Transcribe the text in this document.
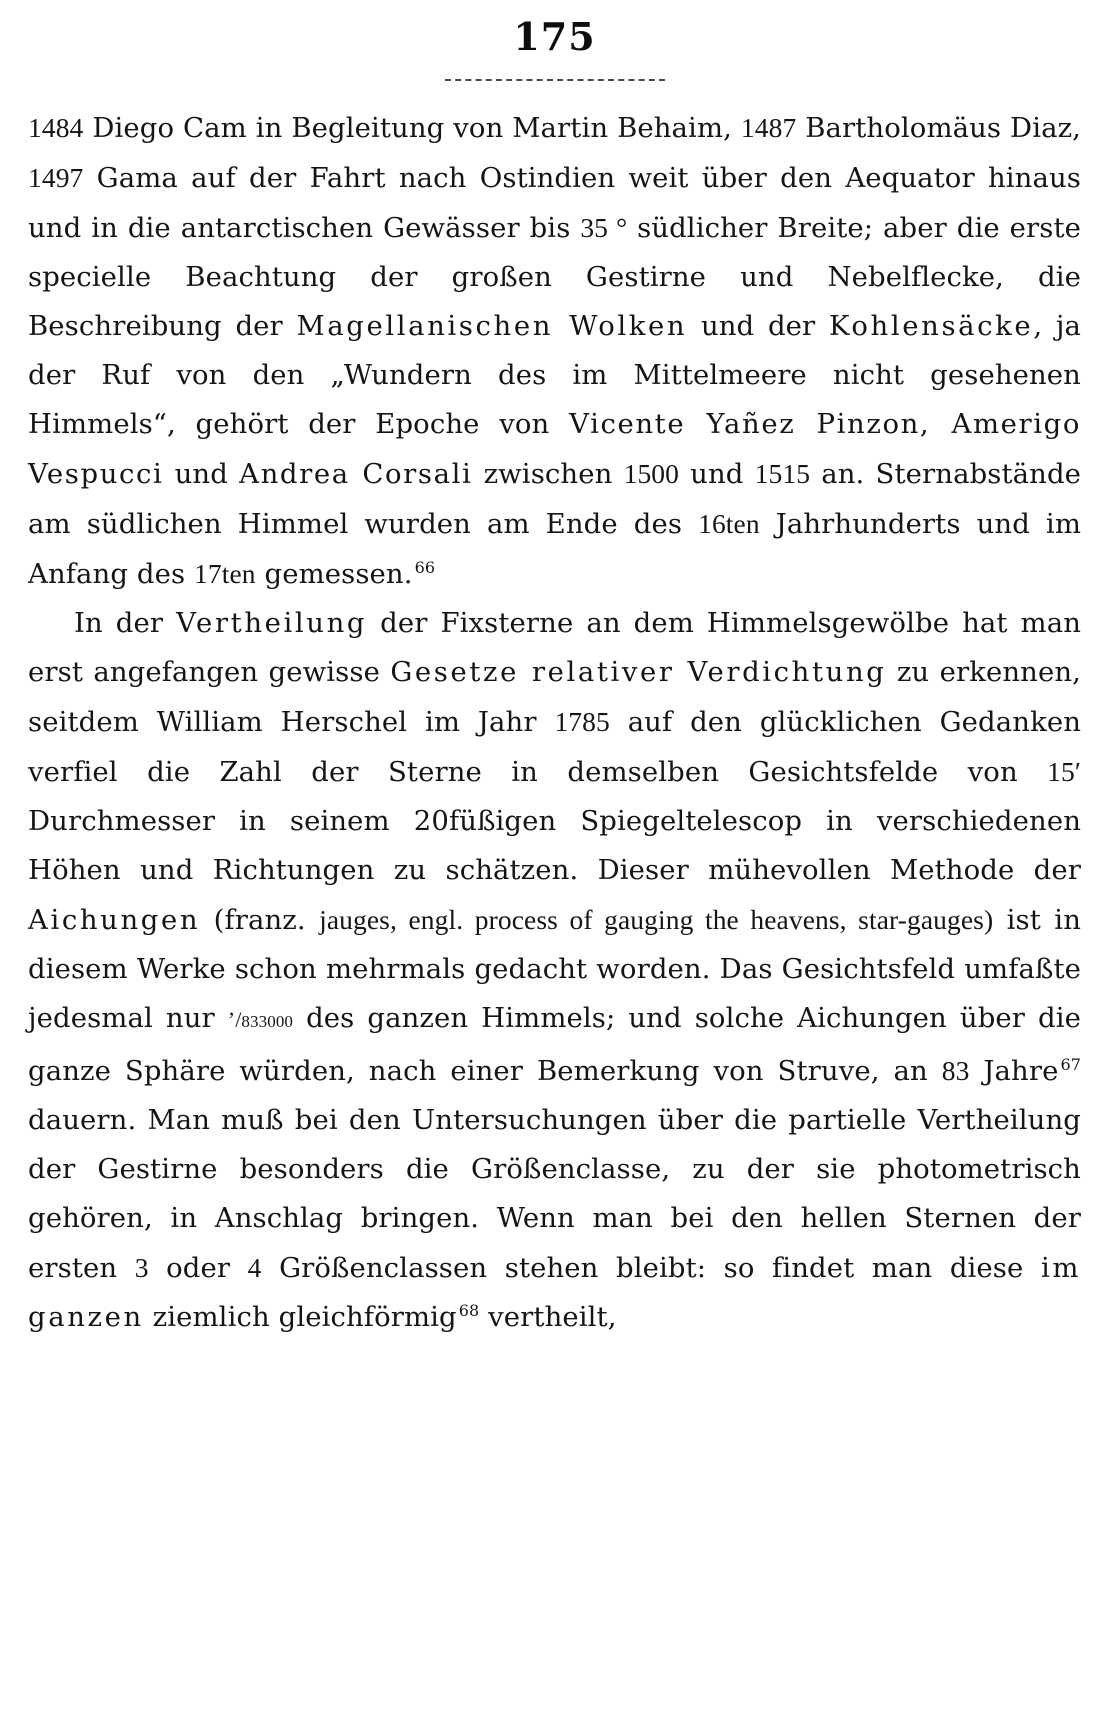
175

1484 Diego Cam in Begleitung von Martin Behaim, 1487 Bartholomäus Diaz, 1497 Gama auf der Fahrt nach Ostindien weit über den Aequator hinaus und in die antarctischen Gewässer bis 35 ° südlicher Breite; aber die erste specielle Beachtung der großen Gestirne und Nebelflecke, die Beschreibung der Magellanischen Wolken und der Kohlensäcke, ja der Ruf von den „Wundern des im Mittelmeere nicht gesehenen Himmels“, gehört der Epoche von Vicente Yañez Pinzon, Amerigo Vespucci und Andrea Corsali zwischen 1500 und 1515 an. Sternabstände am südlichen Himmel wurden am Ende des 16ten Jahrhunderts und im Anfang des 17ten gemessen. $^{66}$

In der Vertheilung der Fixsterne an dem Himmelsgewölbe hat man erst angefangen gewisse Gesetze relativer Verdichtung zu erkennen, seitdem William Herschel im Jahr 1785 auf den glücklichen Gedanken verfiel die Zahl der Sterne in demselben Gesichtsfelde von 15′ Durchmesser in seinem 20füßigen Spiegeltelescop in verschiedenen Höhen und Richtungen zu schätzen. Dieser mühevollen Methode der Aichungen (franz. jauges, engl. process of gauging the heavens, star-gauges) ist in diesem Werke schon mehrmals gedacht worden. Das Gesichtsfeld umfaßte jedesmal nur ’/833000 des ganzen Himmels; und solche Aichungen über die ganze Sphäre würden, nach einer Bemerkung von Struve, an 83 Jahre $^{67}$ dauern. Man muß bei den Untersuchungen über die partielle Vertheilung der Gestirne besonders die Größenclasse, zu der sie photometrisch gehören, in Anschlag bringen. Wenn man bei den hellen Sternen der ersten 3 oder 4 Größenclassen stehen bleibt: so findet man diese im ganzen ziemlich gleichförmig $^{68}$ vertheilt,
